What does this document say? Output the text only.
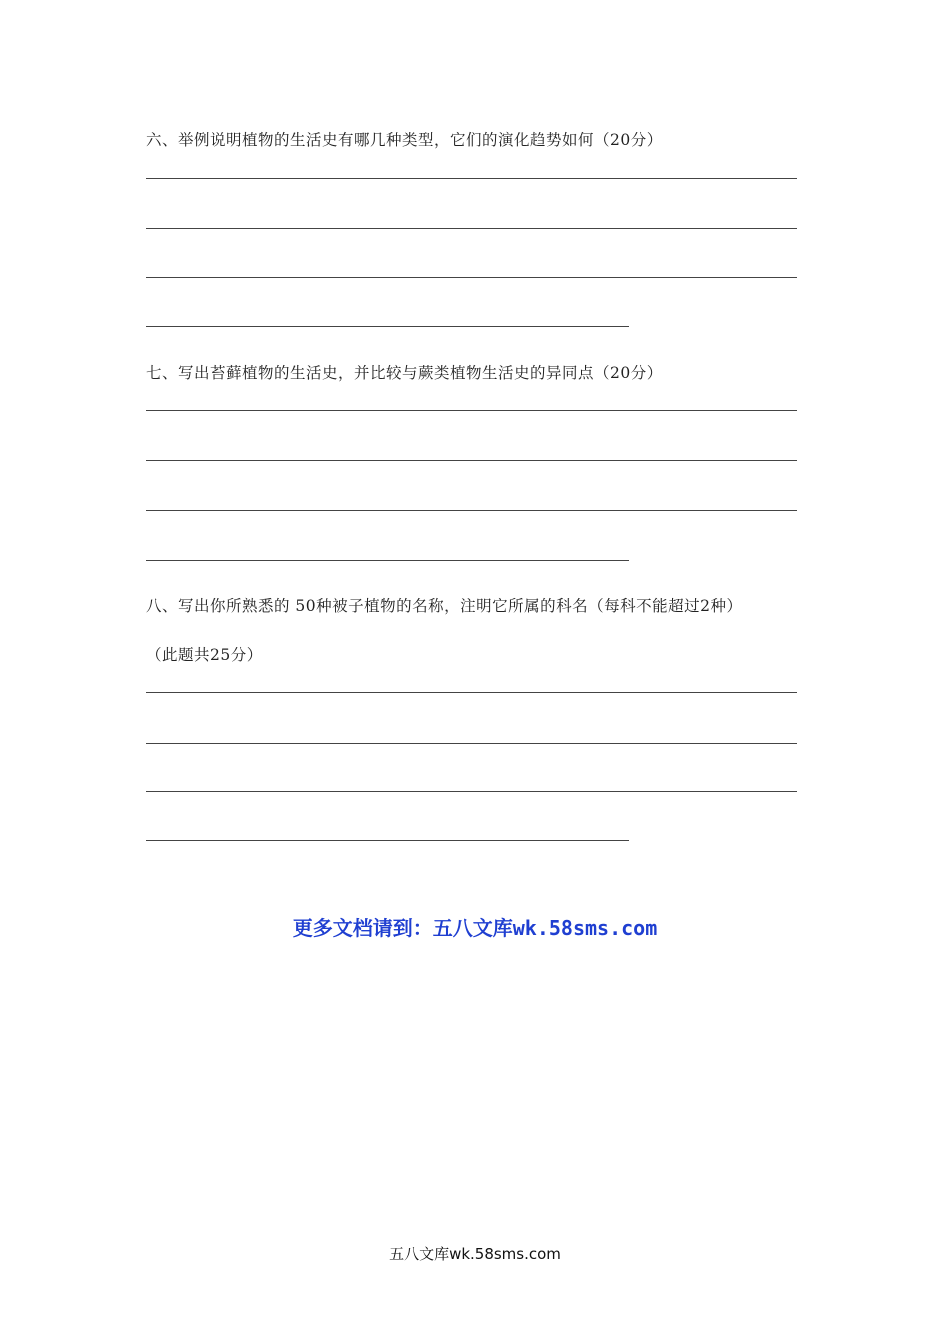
六、举例说明植物的生活史有哪几种类型，它们的演化趋势如何（20分）
七、写出苔藓植物的生活史，并比较与蕨类植物生活史的异同点（20分）
八、写出你所熟悉的 50种被子植物的名称，注明它所属的科名（每科不能超过2种）
（此题共25分）
更多文档请到：五八文库wk.58sms.com
五八文库wk.58sms.com
